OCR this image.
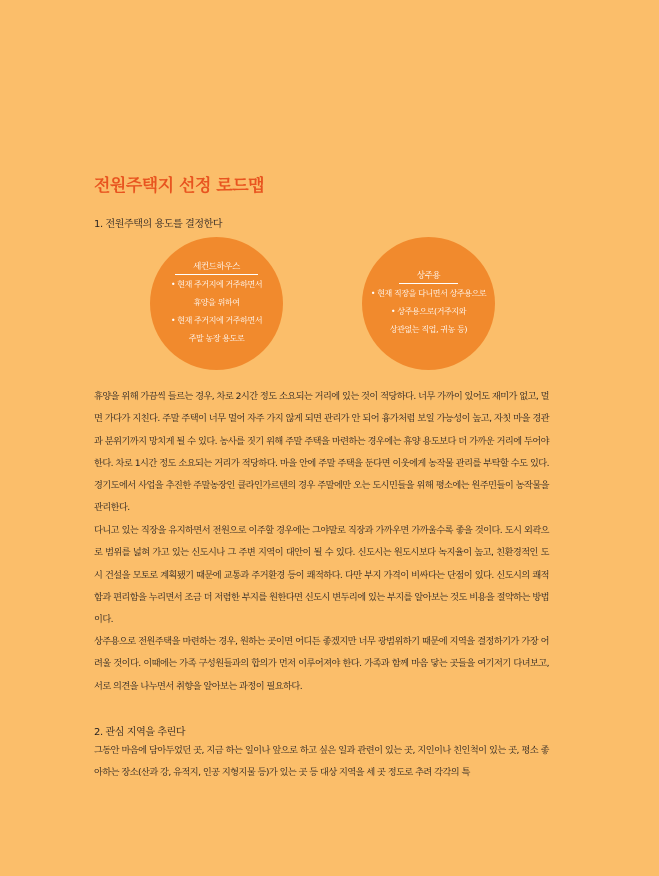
전원주택지 선정 로드맵
1. 전원주택의 용도를 결정한다
세컨드하우스
• 현재 주거지에 거주하면서
휴양을 위하여
• 현재 주거지에 거주하면서
주말 농장 용도로
상주용
• 현재 직장을 다니면서 상주용으로
• 상주용으로(거주지와
상관없는 직업, 귀농 등)
휴양을 위해 가끔씩 들르는 경우, 차로 2시간 정도 소요되는 거리에 있는 것이 적당하다. 너무 가까이 있어도 재미가 없고, 멀면 가다가 지친다. 주말 주택이 너무 멀어 자주 가지 않게 되면 관리가 안 되어 흉가처럼 보일 가능성이 높고, 자칫 마을 경관과 분위기까지 망치게 될 수 있다. 농사를 짓기 위해 주말 주택을 마련하는 경우에는 휴양 용도보다 더 가까운 거리에 두어야 한다. 차로 1시간 정도 소요되는 거리가 적당하다. 마을 안에 주말 주택을 둔다면 이웃에게 농작물 관리를 부탁할 수도 있다. 경기도에서 사업을 추진한 주말농장인 클라인가르텐의 경우 주말에만 오는 도시민들을 위해 평소에는 원주민들이 농작물을 관리한다.
다니고 있는 직장을 유지하면서 전원으로 이주할 경우에는 그야말로 직장과 가까우면 가까울수록 좋을 것이다. 도시 외곽으로 범위를 넓혀 가고 있는 신도시나 그 주변 지역이 대안이 될 수 있다. 신도시는 원도시보다 녹지율이 높고, 친환경적인 도시 건설을 모토로 계획됐기 때문에 교통과 주거환경 등이 쾌적하다. 다만 부지 가격이 비싸다는 단점이 있다. 신도시의 쾌적함과 편리함을 누리면서 조금 더 저렴한 부지를 원한다면 신도시 변두리에 있는 부지를 알아보는 것도 비용을 절약하는 방법이다.
상주용으로 전원주택을 마련하는 경우, 원하는 곳이면 어디든 좋겠지만 너무 광범위하기 때문에 지역을 결정하기가 가장 어려울 것이다. 이때에는 가족 구성원들과의 합의가 먼저 이루어져야 한다. 가족과 함께 마음 닿는 곳들을 여기저기 다녀보고, 서로 의견을 나누면서 취향을 알아보는 과정이 필요하다.
2. 관심 지역을 추린다
그동안 마음에 담아두었던 곳, 지금 하는 일이나 앞으로 하고 싶은 일과 관련이 있는 곳, 지인이나 친인척이 있는 곳, 평소 좋아하는 장소(산과 강, 유적지, 인공 지형지물 등)가 있는 곳 등 대상 지역을 세 곳 정도로 추려 각각의 특
